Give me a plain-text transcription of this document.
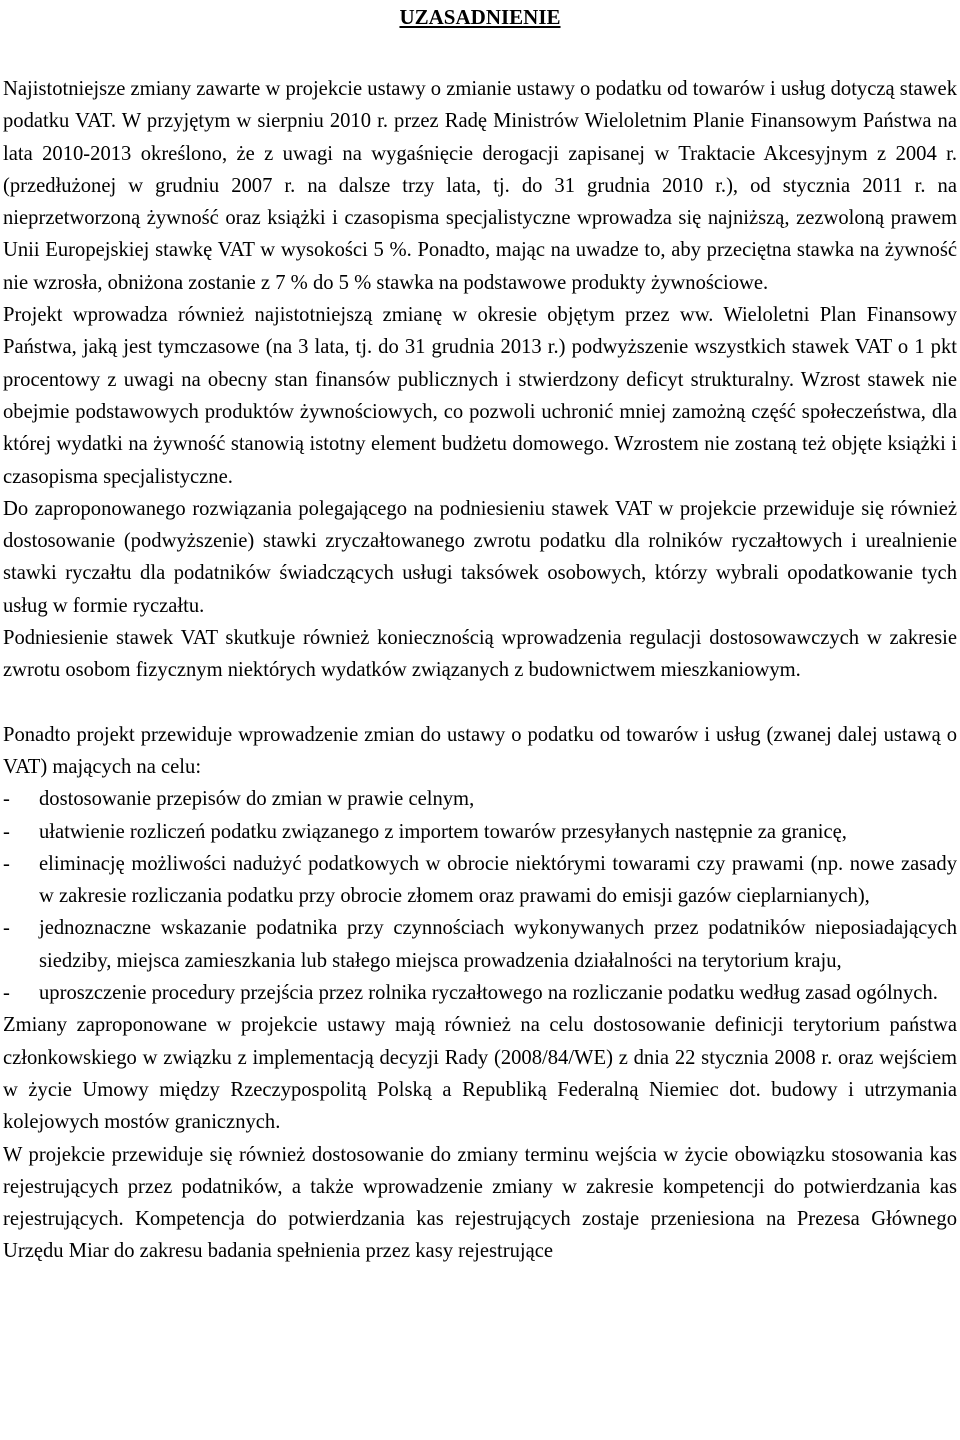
UZASADNIENIE

Najistotniejsze zmiany zawarte w projekcie ustawy o zmianie ustawy o podatku od towarów i usług dotyczą stawek podatku VAT. W przyjętym w sierpniu 2010 r. przez Radę Ministrów Wieloletnim Planie Finansowym Państwa na lata 2010-2013 określono, że z uwagi na wygaśnięcie derogacji zapisanej w Traktacie Akcesyjnym z 2004 r. (przedłużonej w grudniu 2007 r. na dalsze trzy lata, tj. do 31 grudnia 2010 r.), od stycznia 2011 r. na nieprzetworzoną żywność oraz książki i czasopisma specjalistyczne wprowadza się najniższą, zezwoloną prawem Unii Europejskiej stawkę VAT w wysokości 5 %. Ponadto, mając na uwadze to, aby przeciętna stawka na żywność nie wzrosła, obniżona zostanie z 7 % do 5 % stawka na podstawowe produkty żywnościowe.

Projekt wprowadza również najistotniejszą zmianę w okresie objętym przez ww. Wieloletni Plan Finansowy Państwa, jaką jest tymczasowe (na 3 lata, tj. do 31 grudnia 2013 r.) podwyższenie wszystkich stawek VAT o 1 pkt procentowy z uwagi na obecny stan finansów publicznych i stwierdzony deficyt strukturalny. Wzrost stawek nie obejmie podstawowych produktów żywnościowych, co pozwoli uchronić mniej zamożną część społeczeństwa, dla której wydatki na żywność stanowią istotny element budżetu domowego. Wzrostem nie zostaną też objęte książki i czasopisma specjalistyczne.

Do zaproponowanego rozwiązania polegającego na podniesieniu stawek VAT w projekcie przewiduje się również dostosowanie (podwyższenie) stawki zryczałtowanego zwrotu podatku dla rolników ryczałtowych i urealnienie stawki ryczałtu dla podatników świadczących usługi taksówek osobowych, którzy wybrali opodatkowanie tych usług w formie ryczałtu.

Podniesienie stawek VAT skutkuje również koniecznością wprowadzenia regulacji dostosowawczych w zakresie zwrotu osobom fizycznym niektórych wydatków związanych z budownictwem mieszkaniowym.

Ponadto projekt przewiduje wprowadzenie zmian do ustawy o podatku od towarów i usług (zwanej dalej ustawą o VAT) mających na celu:

- dostosowanie przepisów do zmian w prawie celnym,
- ułatwienie rozliczeń podatku związanego z importem towarów przesyłanych następnie za granicę,
- eliminację możliwości nadużyć podatkowych w obrocie niektórymi towarami czy prawami (np. nowe zasady w zakresie rozliczania podatku przy obrocie złomem oraz prawami do emisji gazów cieplarnianych),
- jednoznaczne wskazanie podatnika przy czynnościach wykonywanych przez podatników nieposiadających siedziby, miejsca zamieszkania lub stałego miejsca prowadzenia działalności na terytorium kraju,
- uproszczenie procedury przejścia przez rolnika ryczałtowego na rozliczanie podatku według zasad ogólnych.

Zmiany zaproponowane w projekcie ustawy mają również na celu dostosowanie definicji terytorium państwa członkowskiego w związku z implementacją decyzji Rady (2008/84/WE) z dnia 22 stycznia 2008 r. oraz wejściem w życie Umowy między Rzeczypospolitą Polską a Republiką Federalną Niemiec dot. budowy i utrzymania kolejowych mostów granicznych.

W projekcie przewiduje się również dostosowanie do zmiany terminu wejścia w życie obowiązku stosowania kas rejestrujących przez podatników, a także wprowadzenie zmiany w zakresie kompetencji do potwierdzania kas rejestrujących. Kompetencja do potwierdzania kas rejestrujących zostaje przeniesiona na Prezesa Głównego Urzędu Miar do zakresu badania spełnienia przez kasy rejestrujące
